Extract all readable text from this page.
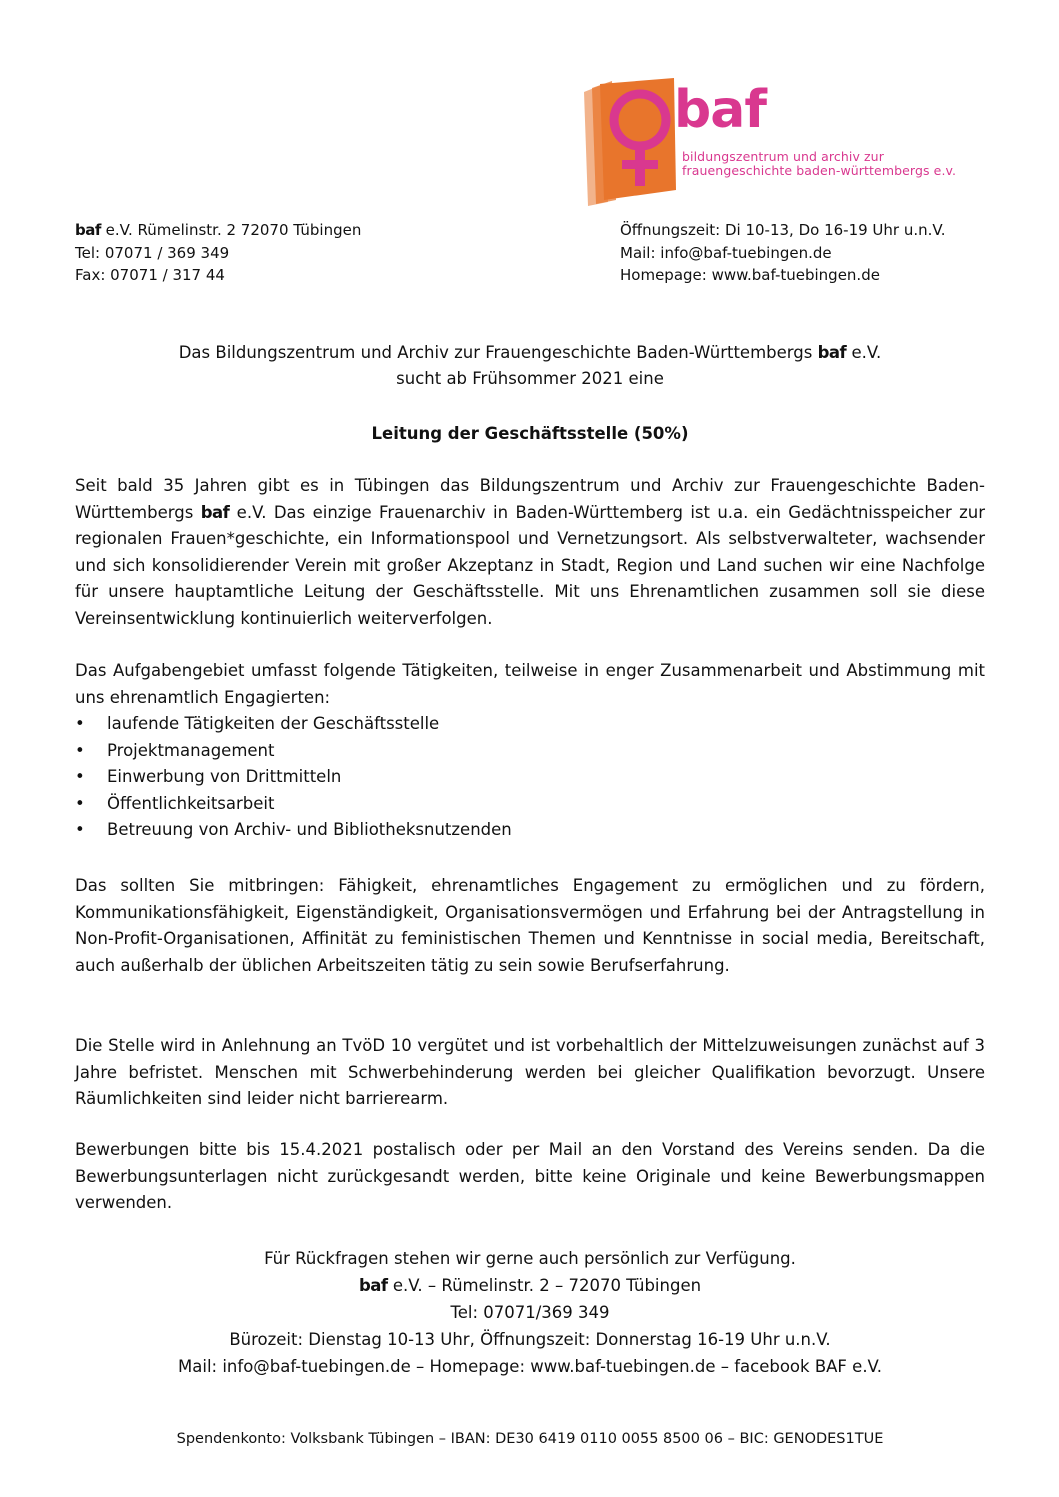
baf
bildungszentrum und archiv zur
frauengeschichte baden-württembergs e.v.
baf e.V. Rümelinstr. 2 72070 Tübingen
Tel: 07071 / 369 349
Fax: 07071 / 317 44
Öffnungszeit: Di 10-13, Do 16-19 Uhr u.n.V.
Mail: info@baf-tuebingen.de
Homepage: www.baf-tuebingen.de
Das Bildungszentrum und Archiv zur Frauengeschichte Baden-Württembergs baf e.V.
sucht ab Frühsommer 2021 eine
Leitung der Geschäftsstelle (50%)
Seit bald 35 Jahren gibt es in Tübingen das Bildungszentrum und Archiv zur Frauengeschichte Baden-Württembergs baf e.V. Das einzige Frauenarchiv in Baden-Württemberg ist u.a. ein Gedächtnisspeicher zur regionalen Frauen*geschichte, ein Informationspool und Vernetzungsort. Als selbstverwalteter, wachsender und sich konsolidierender Verein mit großer Akzeptanz in Stadt, Region und Land suchen wir eine Nachfolge für unsere hauptamtliche Leitung der Geschäftsstelle. Mit uns Ehrenamtlichen zusammen soll sie diese Vereinsentwicklung kontinuierlich weiterverfolgen.
Das Aufgabengebiet umfasst folgende Tätigkeiten, teilweise in enger Zusammenarbeit und Abstimmung mit uns ehrenamtlich Engagierten:
• laufende Tätigkeiten der Geschäftsstelle
• Projektmanagement
• Einwerbung von Drittmitteln
• Öffentlichkeitsarbeit
• Betreuung von Archiv- und Bibliotheksnutzenden
Das sollten Sie mitbringen: Fähigkeit, ehrenamtliches Engagement zu ermöglichen und zu fördern, Kommunikationsfähigkeit, Eigenständigkeit, Organisationsvermögen und Erfahrung bei der Antragstellung in Non-Profit-Organisationen, Affinität zu feministischen Themen und Kenntnisse in social media, Bereitschaft, auch außerhalb der üblichen Arbeitszeiten tätig zu sein sowie Berufserfahrung.
Die Stelle wird in Anlehnung an TvöD 10 vergütet und ist vorbehaltlich der Mittelzuweisungen zunächst auf 3 Jahre befristet. Menschen mit Schwerbehinderung werden bei gleicher Qualifikation bevorzugt. Unsere Räumlichkeiten sind leider nicht barrierearm.
Bewerbungen bitte bis 15.4.2021 postalisch oder per Mail an den Vorstand des Vereins senden. Da die Bewerbungsunterlagen nicht zurückgesandt werden, bitte keine Originale und keine Bewerbungsmappen verwenden.
Für Rückfragen stehen wir gerne auch persönlich zur Verfügung.
baf e.V. – Rümelinstr. 2 – 72070 Tübingen
Tel: 07071/369 349
Bürozeit: Dienstag 10-13 Uhr, Öffnungszeit: Donnerstag 16-19 Uhr u.n.V.
Mail: info@baf-tuebingen.de – Homepage: www.baf-tuebingen.de – facebook BAF e.V.
Spendenkonto: Volksbank Tübingen – IBAN: DE30 6419 0110 0055 8500 06 – BIC: GENODES1TUE
